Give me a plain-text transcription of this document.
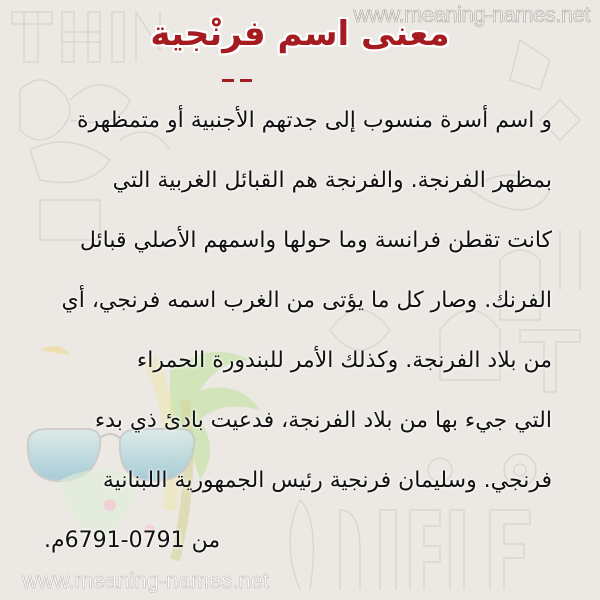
www.meaning-names.net
معنى اسم فرنْجية
و اسم أسرة منسوب إلى جدتهم الأجنبية أو متمظهرة
بمظهر الفرنجة. والفرنجة هم القبائل الغربية التي
كانت تقطن فرانسة وما حولها واسمهم الأصلي قبائل
الفرنك. وصار كل ما يؤتى من الغرب اسمه فرنجي، أي
من بلاد الفرنجة. وكذلك الأمر للبندورة الحمراء
التي جيء بها من بلاد الفرنجة، فدعيت بادئ ذي بدء
فرنجي. وسليمان فرنجية رئيس الجمهورية اللبنانية
من 0791-6791م.
www.meaning-names.net
